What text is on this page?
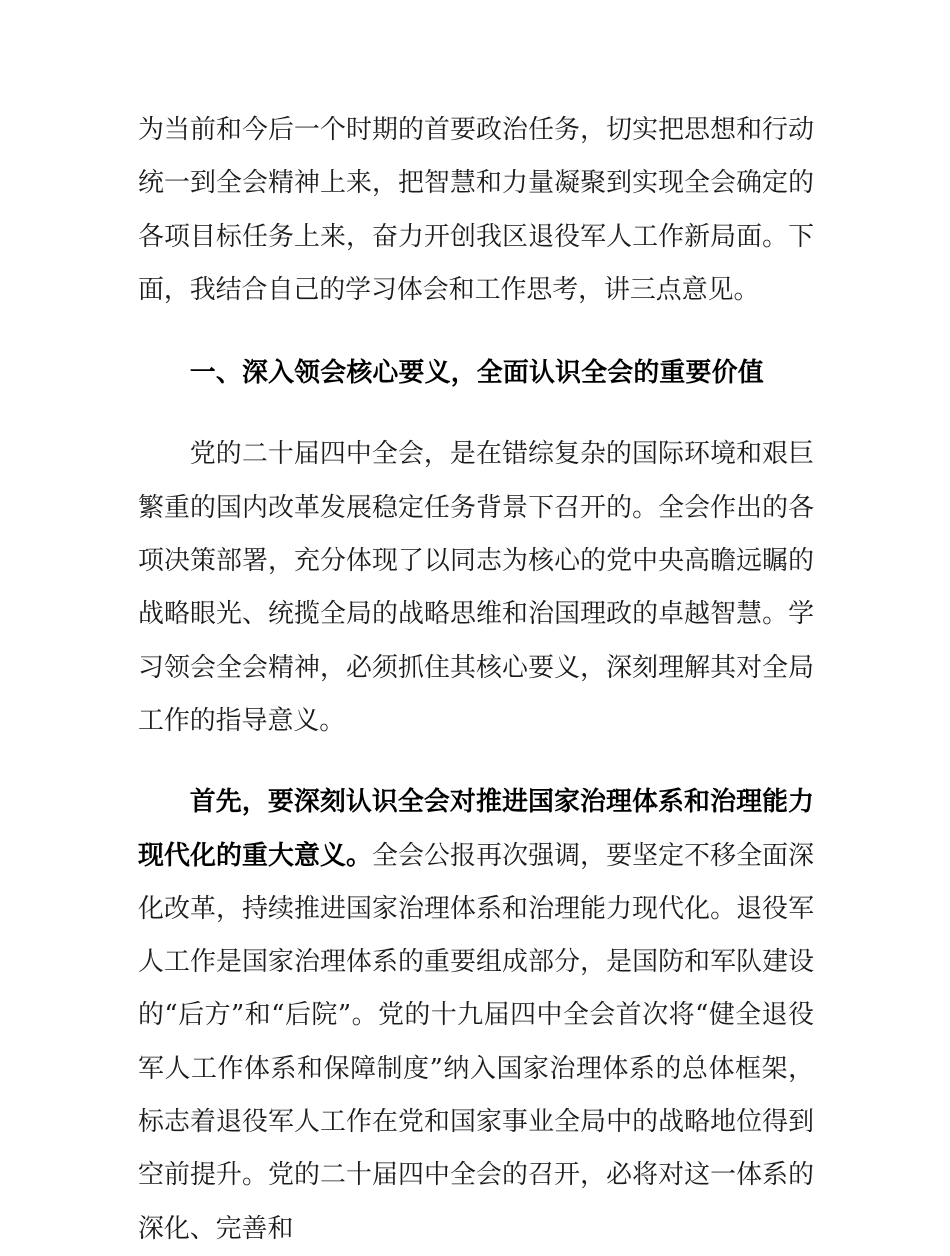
为当前和今后一个时期的首要政治任务，切实把思想和行动统一到全会精神上来，把智慧和力量凝聚到实现全会确定的各项目标任务上来，奋力开创我区退役军人工作新局面。下面，我结合自己的学习体会和工作思考，讲三点意见。

一、深入领会核心要义，全面认识全会的重要价值

党的二十届四中全会，是在错综复杂的国际环境和艰巨繁重的国内改革发展稳定任务背景下召开的。全会作出的各项决策部署，充分体现了以同志为核心的党中央高瞻远瞩的战略眼光、统揽全局的战略思维和治国理政的卓越智慧。学习领会全会精神，必须抓住其核心要义，深刻理解其对全局工作的指导意义。

首先，要深刻认识全会对推进国家治理体系和治理能力现代化的重大意义。全会公报再次强调，要坚定不移全面深化改革，持续推进国家治理体系和治理能力现代化。退役军人工作是国家治理体系的重要组成部分，是国防和军队建设的“后方”和“后院”。党的十九届四中全会首次将“健全退役军人工作体系和保障制度”纳入国家治理体系的总体框架，标志着退役军人工作在党和国家事业全局中的战略地位得到空前提升。党的二十届四中全会的召开，必将对这一体系的深化、完善和
